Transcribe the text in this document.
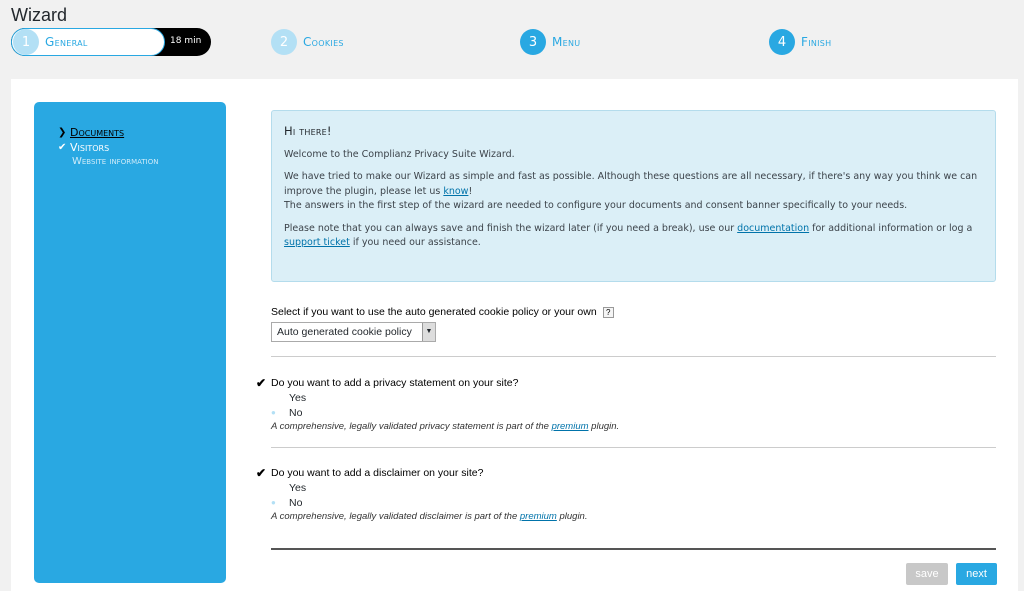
Wizard
1	General	18 min	2	Cookies	3	Menu	4	Finish
❯ Documents
✔ Visitors
Website information
Hi there!

Welcome to the Complianz Privacy Suite Wizard.

We have tried to make our Wizard as simple and fast as possible. Although these questions are all necessary, if there's any way you think we can improve the plugin, please let us know!

The answers in the first step of the wizard are needed to configure your documents and consent banner specifically to your needs.

Please note that you can always save and finish the wizard later (if you need a break), use our documentation for additional information or log a support ticket if you need our assistance.

Select if you want to use the auto generated cookie policy or your own ?
Auto generated cookie policy	▼
✔ Do you want to add a privacy statement on your site?

Yes
●	No
A comprehensive, legally validated privacy statement is part of the premium plugin.
✔ Do you want to add a disclaimer on your site?

Yes
●	No
A comprehensive, legally validated disclaimer is part of the premium plugin.
save	next
